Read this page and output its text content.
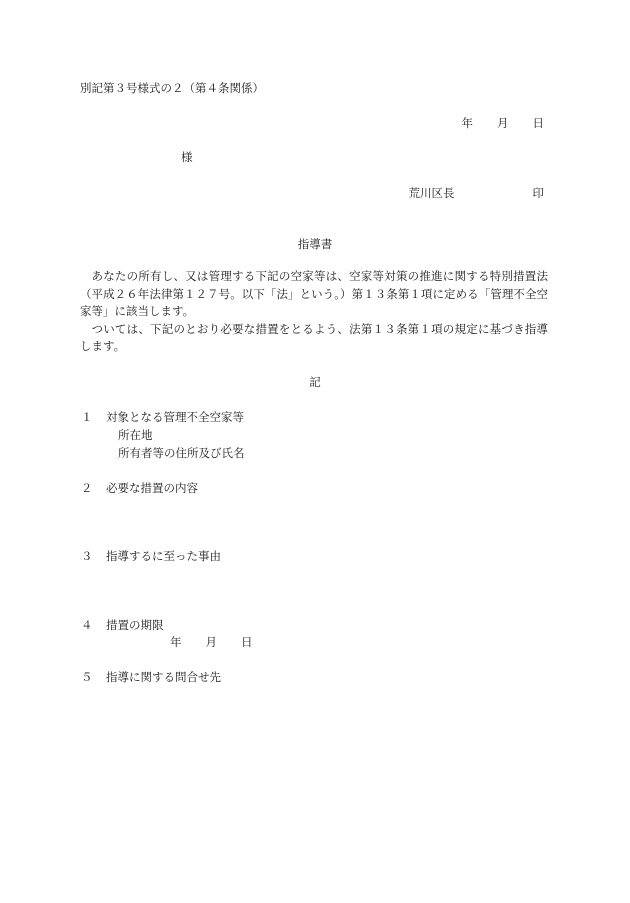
別記第３号様式の２（第４条関係）
年 月 日
様
荒川区長	印
指導書

あなたの所有し、又は管理する下記の空家等は、空家等対策の推進に関する特別措置法（平成２６年法律第１２７号。以下「法」という。）第１３条第１項に定める「管理不全空家等」に該当します。

ついては、下記のとおり必要な措置をとるよう、法第１３条第１項の規定に基づき指導します。

記
１ 対象となる管理不全空家等
所在地
所有者等の住所及び氏名
２ 必要な措置の内容
３ 指導するに至った事由
４ 措置の期限
年 月 日
５ 指導に関する問合せ先
